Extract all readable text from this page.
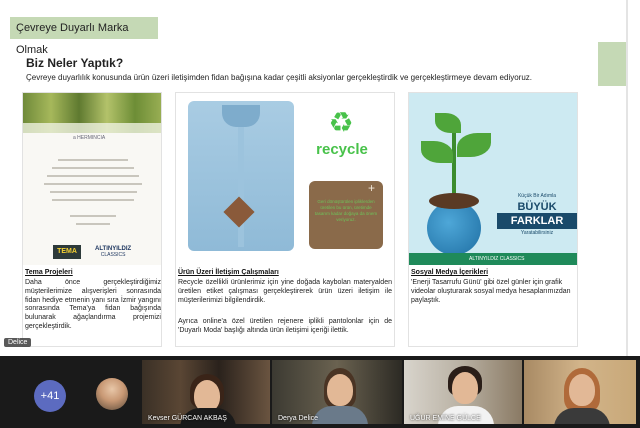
Çevreye Duyarlı Marka Olmak
Biz Neler Yaptık?
Çevreye duyarlılık konusunda ürün üzeri iletişimden fidan bağışına kadar çeşitli aksiyonlar gerçekleştirdik ve gerçekleştirmeye devam ediyoruz.
a HERMINCIA
TEMA	ALTINYILDIZ
CLASSICS
Tema Projeleri
Daha önce gerçekleştirdiğimiz müşterilerimize alışverişleri sonrasında fidan hediye etmenin yanı sıra İzmir yangını sonrasında Tema'ya fidan bağışında bulunarak ağaçlandırma projemizi gerçekleştirdik.
♻
recycle
+
Geri dönüştürülen ipliklerden üretilen bu ürün, üretimde tasarım kadar doğaya da önem veriyoruz.
Ürün Üzeri İletişim Çalışmaları
Recycle özellikli ürünlerimiz için yine doğada kaybolan materyalden üretilen etiket çalışması gerçekleştirerek ürün üzeri iletişim ile müşterilerimizi bilgilendirdik.
Ayrıca online'a özel üretilen rejenere iplikli pantolonlar için de 'Duyarlı Moda' başlığı altında ürün iletişimi içeriği ilettik.
Küçük Bir Adımla
BÜYÜK
FARKLAR
Yaratabilirsiniz
ALTINYILDIZ CLASSICS
Sosyal Medya İçerikleri
'Enerji Tasarrufu Günü' gibi özel günler için grafik videolar oluşturarak sosyal medya hesaplarımızdan paylaştık.
Delice
+41
Kevser GÜRCAN AKBAŞ	Derya Delice	UĞUR EMİNE GÜLCE
